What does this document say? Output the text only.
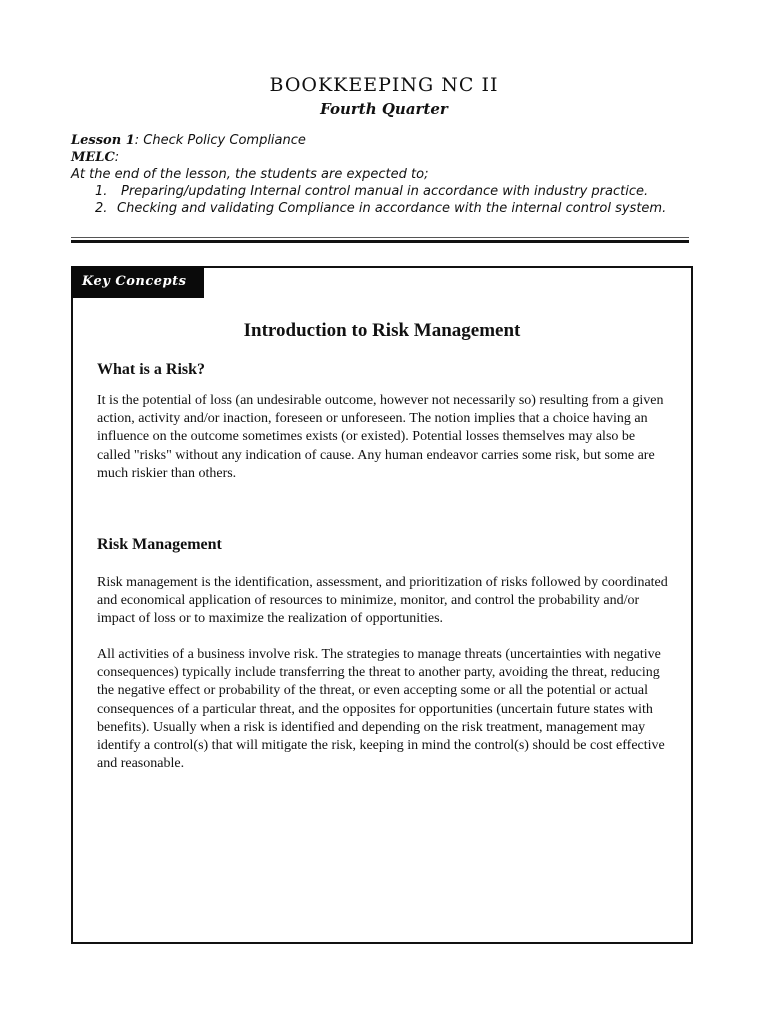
BOOKKEEPING NC II
Fourth Quarter
Lesson 1: Check Policy Compliance
MELC:
At the end of the lesson, the students are expected to;
1. Preparing/updating Internal control manual in accordance with industry practice.
2. Checking and validating Compliance in accordance with the internal control system.
Key Concepts
Introduction to Risk Management
What is a Risk?

It is the potential of loss (an undesirable outcome, however not necessarily so) resulting from a given action, activity and/or inaction, foreseen or unforeseen. The notion implies that a choice having an influence on the outcome sometimes exists (or existed). Potential losses themselves may also be called "risks" without any indication of cause. Any human endeavor carries some risk, but some are much riskier than others.

Risk Management

Risk management is the identification, assessment, and prioritization of risks followed by coordinated and economical application of resources to minimize, monitor, and control the probability and/or impact of loss or to maximize the realization of opportunities.

All activities of a business involve risk. The strategies to manage threats (uncertainties with negative consequences) typically include transferring the threat to another party, avoiding the threat, reducing the negative effect or probability of the threat, or even accepting some or all the potential or actual consequences of a particular threat, and the opposites for opportunities (uncertain future states with benefits). Usually when a risk is identified and depending on the risk treatment, management may identify a control(s) that will mitigate the risk, keeping in mind the control(s) should be cost effective and reasonable.
